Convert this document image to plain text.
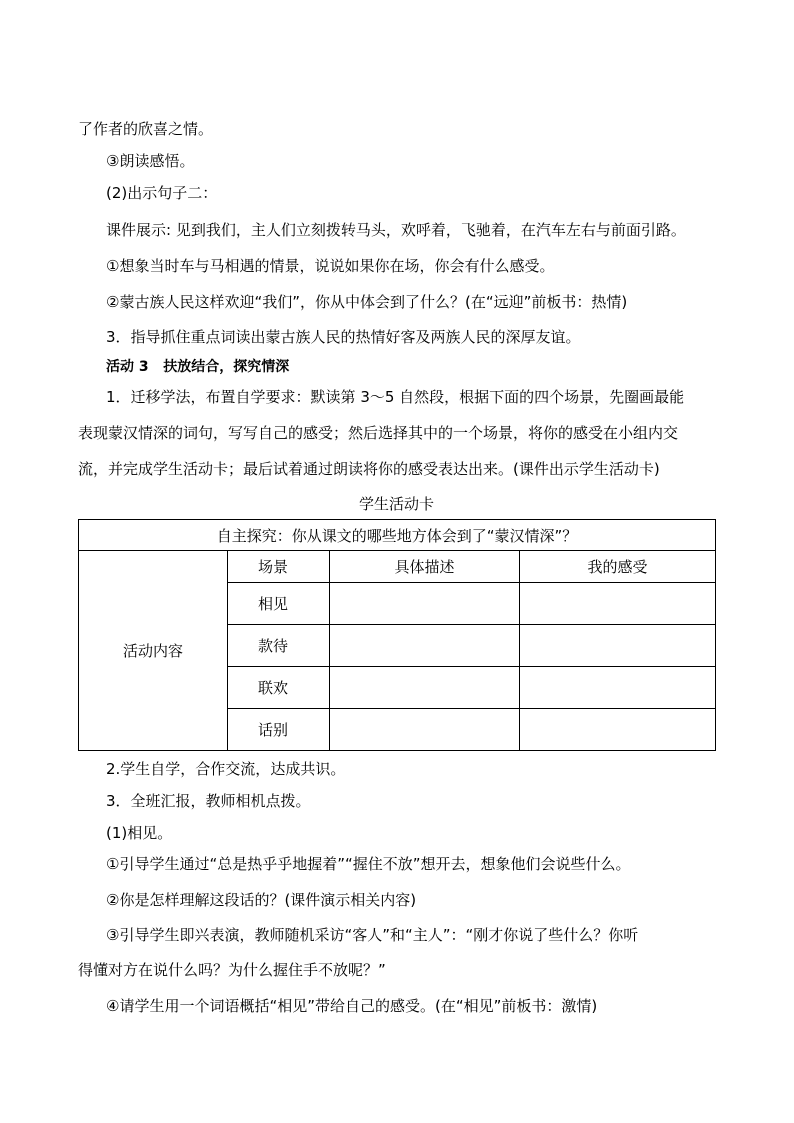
了作者的欣喜之情。
③朗读感悟。
(2)出示句子二：
课件展示: 见到我们，主人们立刻拨转马头，欢呼着，飞驰着，在汽车左右与前面引路。
①想象当时车与马相遇的情景，说说如果你在场，你会有什么感受。
②蒙古族人民这样欢迎“我们”，你从中体会到了什么？(在“远迎”前板书：热情)
3．指导抓住重点词读出蒙古族人民的热情好客及两族人民的深厚友谊。
活动 3 扶放结合，探究情深
1．迁移学法，布置自学要求：默读第 3～5 自然段，根据下面的四个场景，先圈画最能
表现蒙汉情深的词句，写写自己的感受；然后选择其中的一个场景，将你的感受在小组内交
流，并完成学生活动卡；最后试着通过朗读将你的感受表达出来。(课件出示学生活动卡)
学生活动卡
自主探究：你从课文的哪些地方体会到了“蒙汉情深”？			
活动内容	场景	具体描述	我的感受
	相见		
	款待		
	联欢		
	话别		
2.学生自学，合作交流，达成共识。
3．全班汇报，教师相机点拨。
(1)相见。
①引导学生通过“总是热乎乎地握着”“握住不放”想开去，想象他们会说些什么。
②你是怎样理解这段话的？(课件演示相关内容)
③引导学生即兴表演，教师随机采访“客人”和“主人”：“刚才你说了些什么？你听
得懂对方在说什么吗？为什么握住手不放呢？”
④请学生用一个词语概括“相见”带给自己的感受。(在“相见”前板书：激情)
